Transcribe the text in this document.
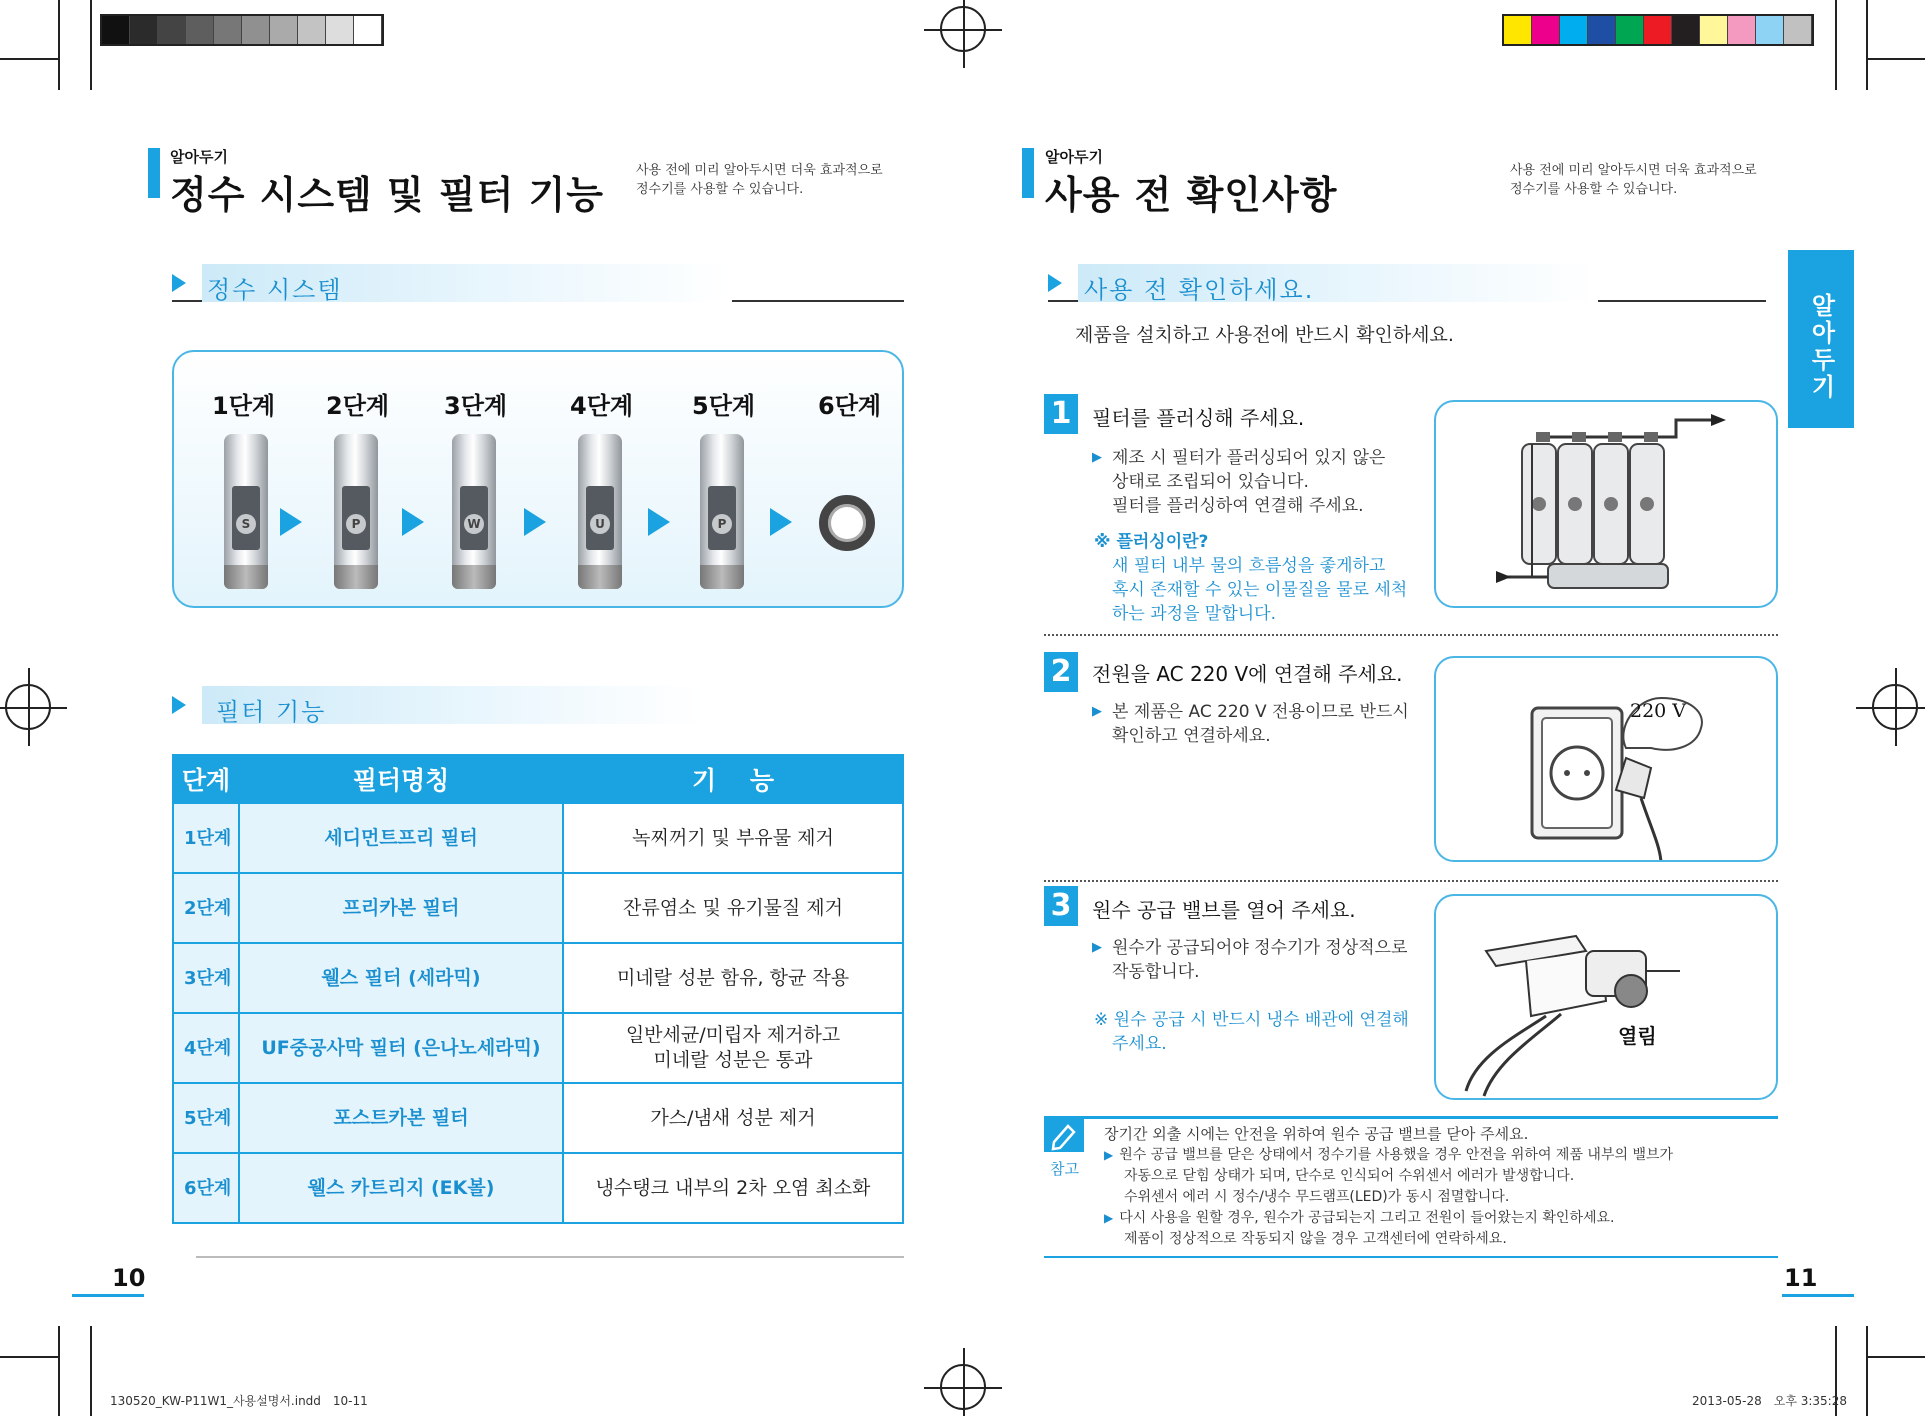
알아두기
정수 시스템 및 필터 기능
사용 전에 미리 알아두시면 더욱 효과적으로
정수기를 사용할 수 있습니다.
정수 시스템
1단계 2단계 3단계	4단계 5단계	6단계
S	P	W	U	P
필터 기능
단계	필터명칭	기　 능
1단계	세디먼트프리 필터	녹찌꺼기 및 부유물 제거
2단계	프리카본 필터	잔류염소 및 유기물질 제거
3단계	웰스 필터 (세라믹)	미네랄 성분 함유, 항균 작용
4단계	UF중공사막 필터 (은나노세라믹)	일반세균/미립자 제거하고 미네랄 성분은 통과
5단계	포스트카본 필터	가스/냄새 성분 제거
6단계	웰스 카트리지 (EK볼)	냉수탱크 내부의 2차 오염 최소화
10
130520_KW-P11W1_사용설명서.indd　10-11
알아두기
사용 전 확인사항
사용 전에 미리 알아두시면 더욱 효과적으로
정수기를 사용할 수 있습니다.
알아두기
사용 전 확인하세요.
제품을 설치하고 사용전에 반드시 확인하세요.
1	필터를 플러싱해 주세요.
▶ 제조 시 필터가 플러싱되어 있지 않은
상태로 조립되어 있습니다.
필터를 플러싱하여 연결해 주세요.
※ 플러싱이란?
새 필터 내부 물의 흐름성을 좋게하고
혹시 존재할 수 있는 이물질을 물로 세척
하는 과정을 말합니다.
2	전원을 AC 220 V에 연결해 주세요.
▶ 본 제품은 AC 220 V 전용이므로 반드시
확인하고 연결하세요.
220 V
3	원수 공급 밸브를 열어 주세요.
▶ 원수가 공급되어야 정수기가 정상적으로
작동합니다.
※ 원수 공급 시 반드시 냉수 배관에 연결해
주세요.	열림
참고
장기간 외출 시에는 안전을 위하여 원수 공급 밸브를 닫아 주세요.
▶ 원수 공급 밸브를 닫은 상태에서 정수기를 사용했을 경우 안전을 위하여 제품 내부의 밸브가
자동으로 닫힘 상태가 되며, 단수로 인식되어 수위센서 에러가 발생합니다.
수위센서 에러 시 정수/냉수 무드램프(LED)가 동시 점멸합니다.
▶ 다시 사용을 원할 경우, 원수가 공급되는지 그리고 전원이 들어왔는지 확인하세요.
제품이 정상적으로 작동되지 않을 경우 고객센터에 연락하세요.
11
2013-05-28　오후 3:35:28
